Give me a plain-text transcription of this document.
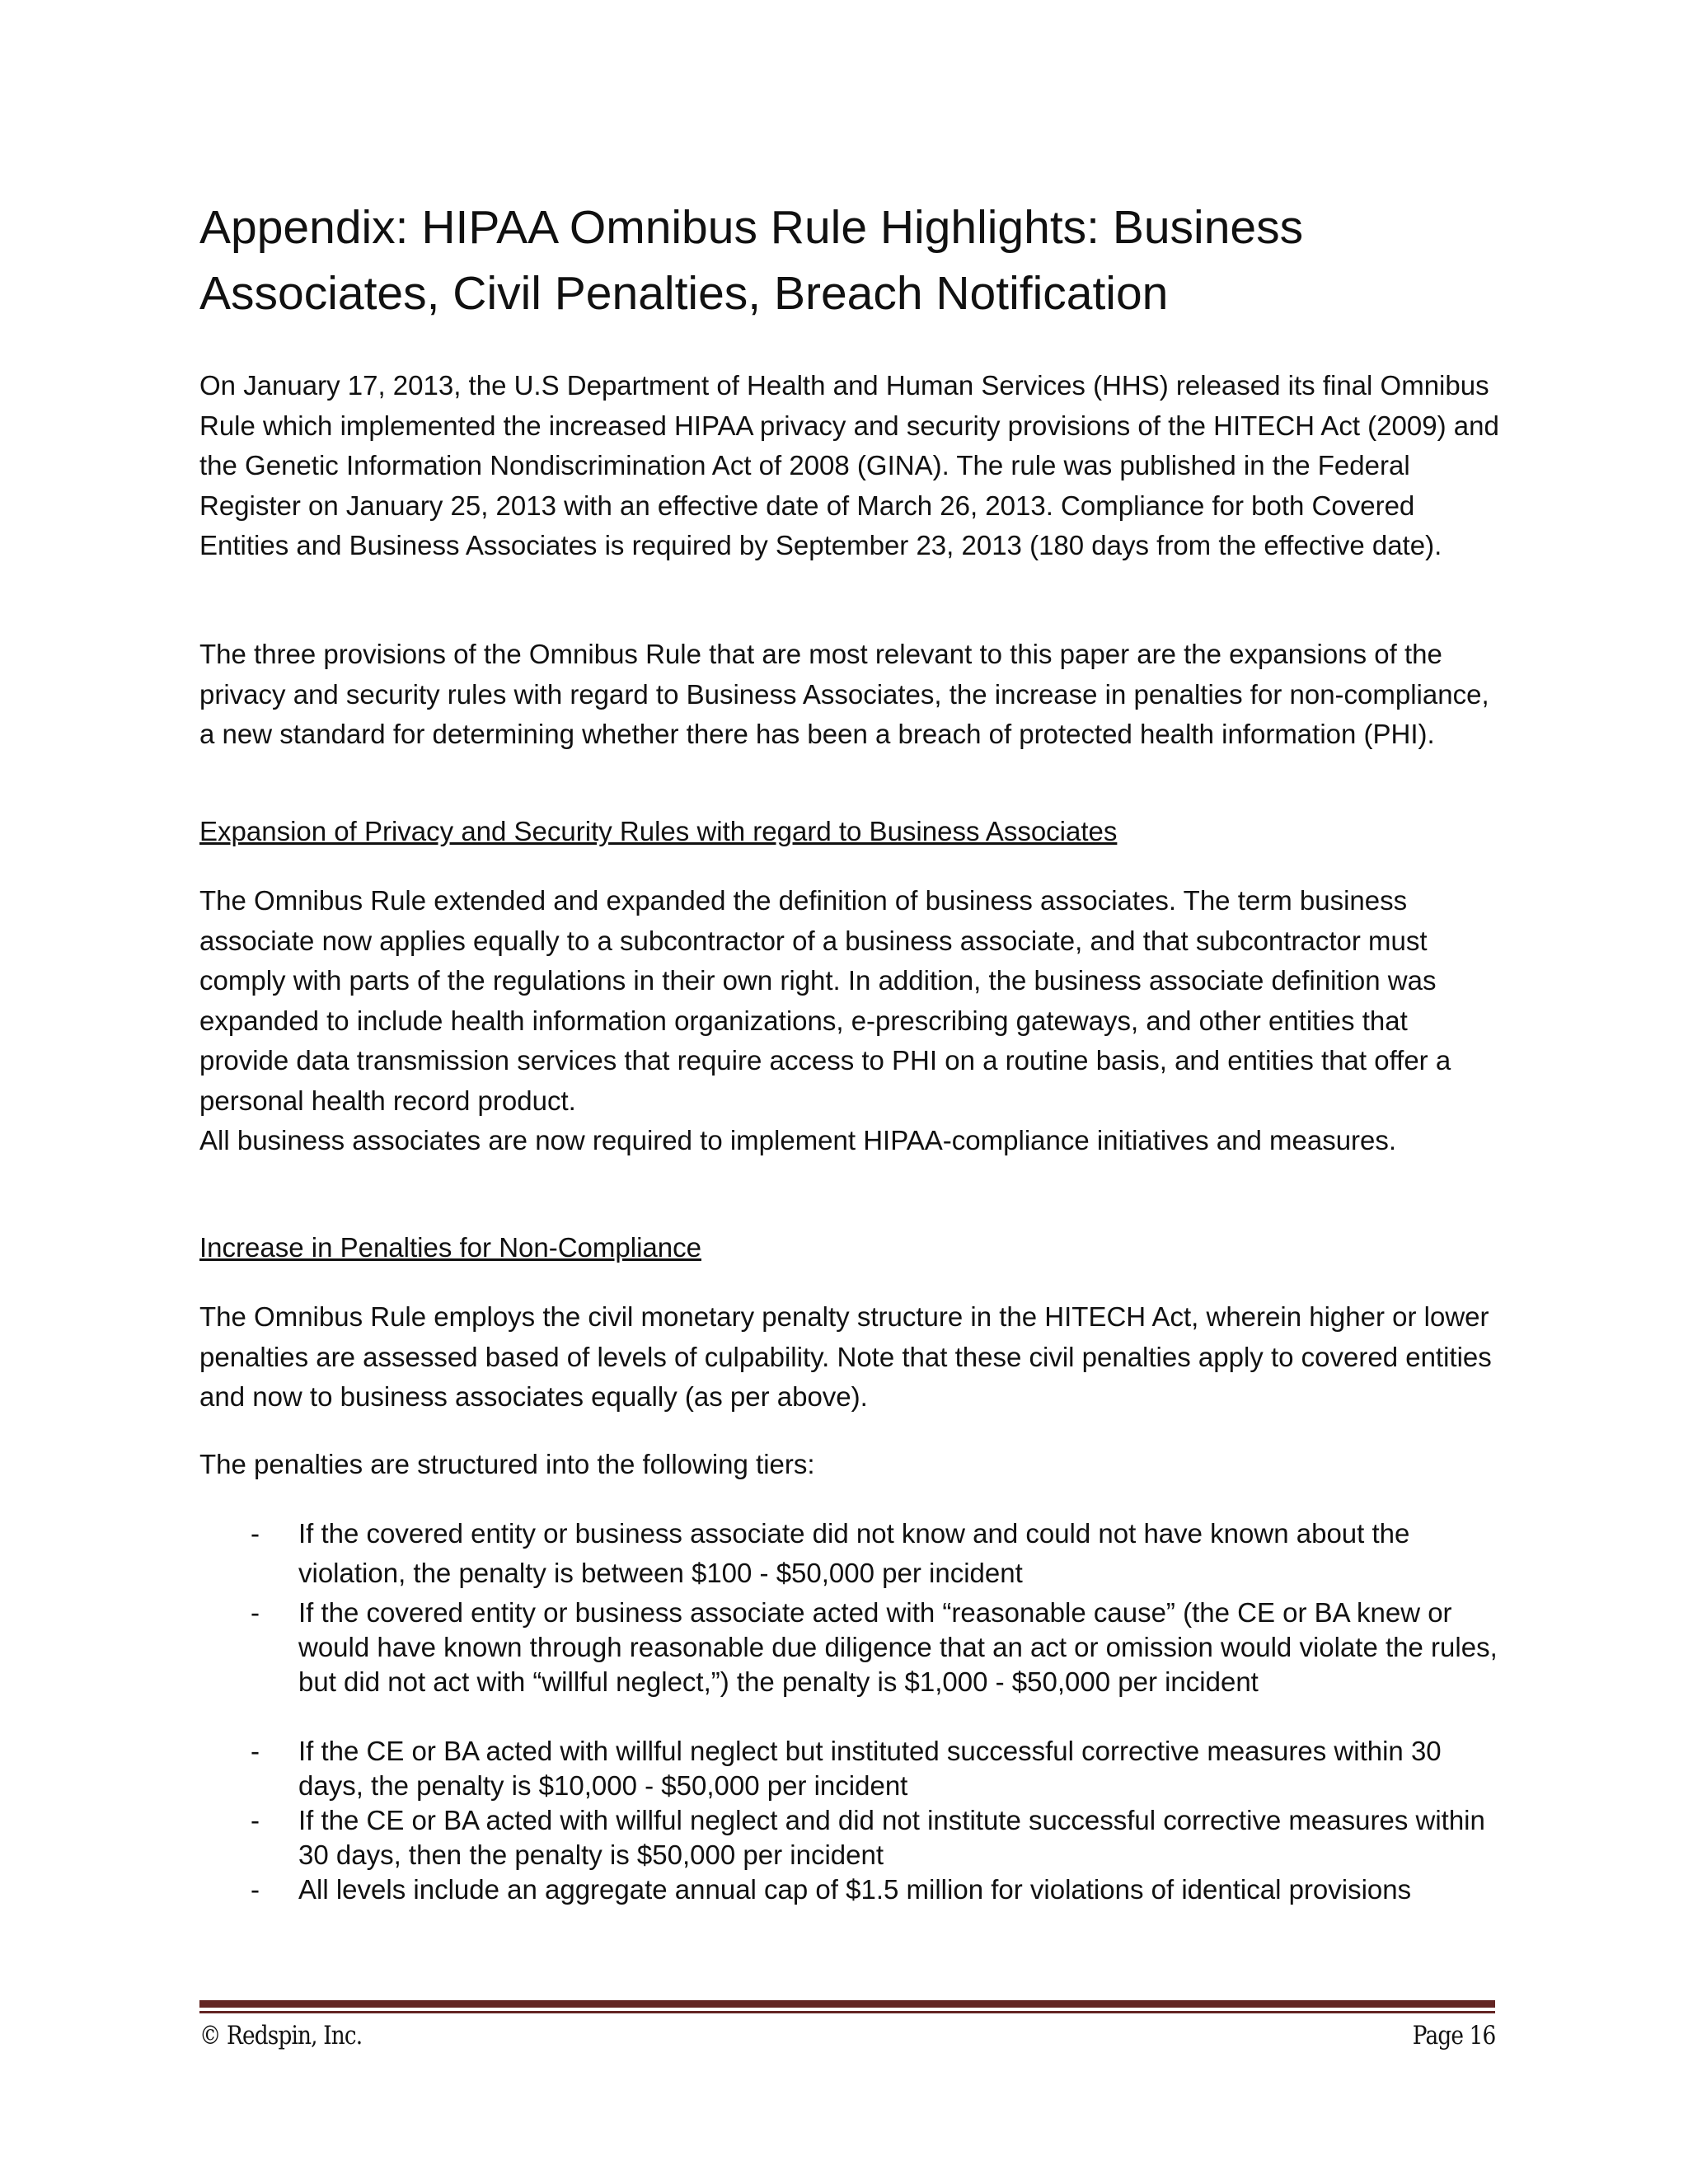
Appendix: HIPAA Omnibus Rule Highlights: Business Associates, Civil Penalties, Breach Notification

On January 17, 2013, the U.S Department of Health and Human Services (HHS) released its final Omnibus Rule which implemented the increased HIPAA privacy and security provisions of the HITECH Act (2009) and the Genetic Information Nondiscrimination Act of 2008 (GINA). The rule was published in the Federal Register on January 25, 2013 with an effective date of March 26, 2013. Compliance for both Covered Entities and Business Associates is required by September 23, 2013 (180 days from the effective date).

The three provisions of the Omnibus Rule that are most relevant to this paper are the expansions of the privacy and security rules with regard to Business Associates, the increase in penalties for non-compliance, a new standard for determining whether there has been a breach of protected health information (PHI).

Expansion of Privacy and Security Rules with regard to Business Associates

The Omnibus Rule extended and expanded the definition of business associates. The term business associate now applies equally to a subcontractor of a business associate, and that subcontractor must comply with parts of the regulations in their own right. In addition, the business associate definition was expanded to include health information organizations, e-prescribing gateways, and other entities that provide data transmission services that require access to PHI on a routine basis, and entities that offer a personal health record product.

All business associates are now required to implement HIPAA-compliance initiatives and measures.

Increase in Penalties for Non-Compliance

The Omnibus Rule employs the civil monetary penalty structure in the HITECH Act, wherein higher or lower penalties are assessed based of levels of culpability. Note that these civil penalties apply to covered entities and now to business associates equally (as per above).

The penalties are structured into the following tiers:

- If the covered entity or business associate did not know and could not have known about the violation, the penalty is between $100 - $50,000 per incident
- If the covered entity or business associate acted with “reasonable cause” (the CE or BA knew or would have known through reasonable due diligence that an act or omission would violate the rules, but did not act with “willful neglect,”) the penalty is $1,000 - $50,000 per incident
- If the CE or BA acted with willful neglect but instituted successful corrective measures within 30 days, the penalty is $10,000 - $50,000 per incident
- If the CE or BA acted with willful neglect and did not institute successful corrective measures within 30 days, then the penalty is $50,000 per incident
- All levels include an aggregate annual cap of $1.5 million for violations of identical provisions
© Redspin, Inc.	Page 16
